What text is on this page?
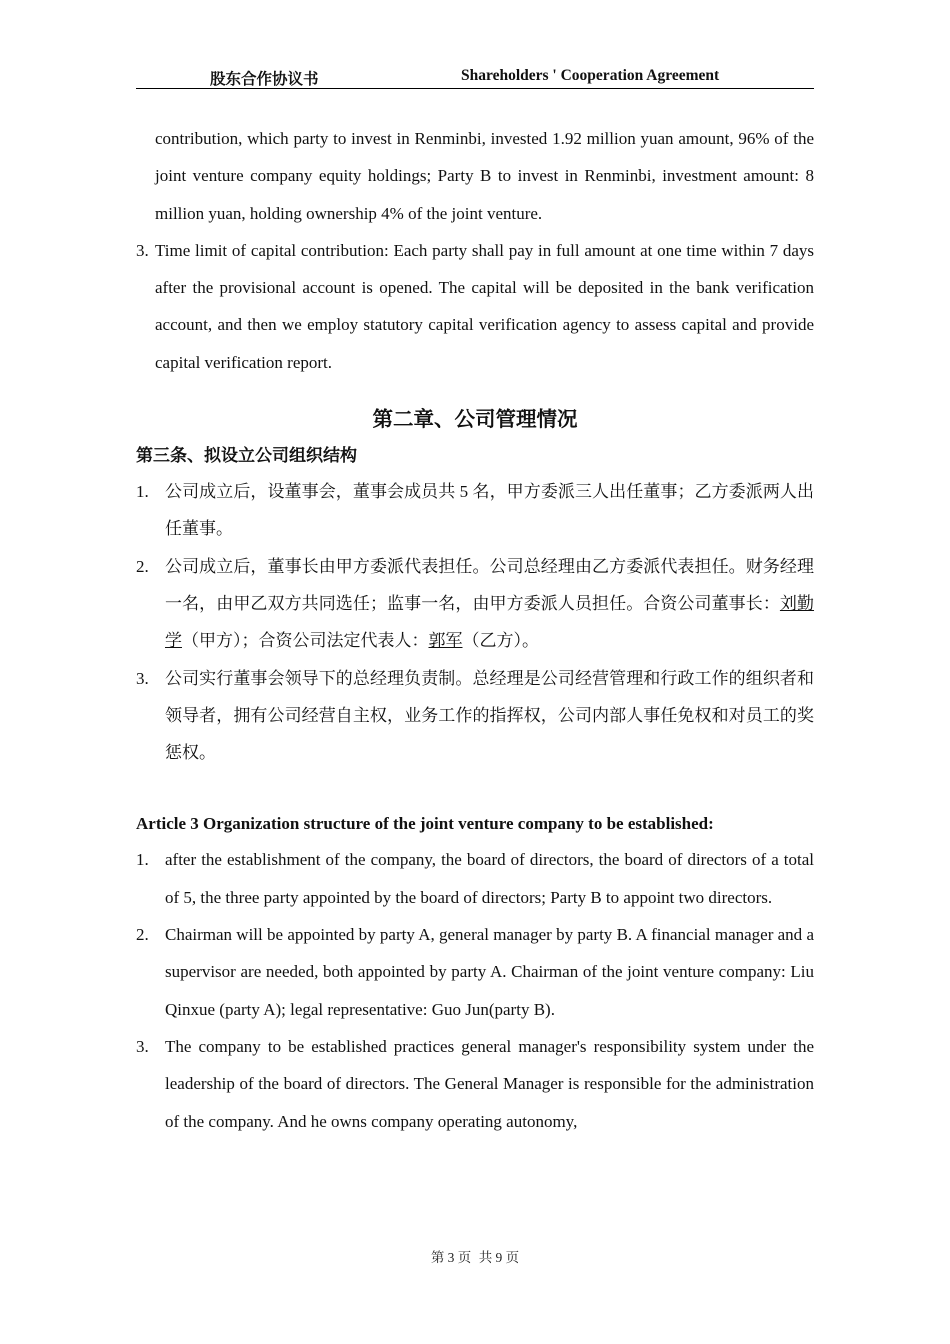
股东合作协议书	Shareholders ' Cooperation Agreement
contribution, which party to invest in Renminbi, invested 1.92 million yuan amount, 96% of the joint venture company equity holdings; Party B to invest in Renminbi, investment amount: 8 million yuan, holding ownership 4% of the joint venture.
3. Time limit of capital contribution: Each party shall pay in full amount at one time within 7 days after the provisional account is opened. The capital will be deposited in the bank verification account, and then we employ statutory capital verification agency to assess capital and provide capital verification report.
第二章、公司管理情况
第三条、拟设立公司组织结构
1. 公司成立后，设董事会，董事会成员共 5 名，甲方委派三人出任董事；乙方委派两人出任董事。
2. 公司成立后，董事长由甲方委派代表担任。公司总经理由乙方委派代表担任。财务经理一名，由甲乙双方共同选任；监事一名，由甲方委派人员担任。合资公司董事长：刘勤学（甲方）；合资公司法定代表人：郭军（乙方）。
3. 公司实行董事会领导下的总经理负责制。总经理是公司经营管理和行政工作的组织者和领导者，拥有公司经营自主权，业务工作的指挥权，公司内部人事任免权和对员工的奖惩权。
Article 3 Organization structure of the joint venture company to be established:
1. after the establishment of the company, the board of directors, the board of directors of a total of 5, the three party appointed by the board of directors; Party B to appoint two directors.
2. Chairman will be appointed by party A, general manager by party B. A financial manager and a supervisor are needed, both appointed by party A. Chairman of the joint venture company: Liu Qinxue (party A); legal representative: Guo Jun(party B).
3. The company to be established practices general manager's responsibility system under the leadership of the board of directors. The General Manager is responsible for the administration of the company. And he owns company operating autonomy,
第 3 页 共 9 页
